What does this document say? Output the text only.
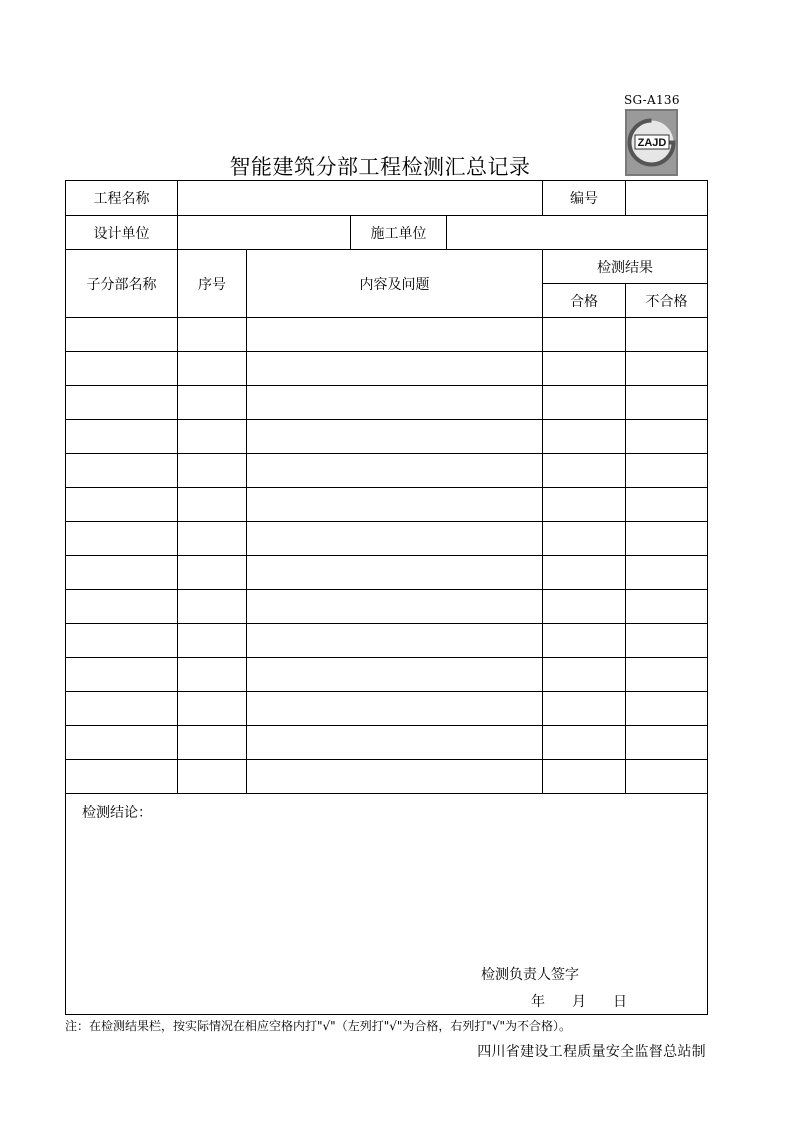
SG-A136
ZAJD
智能建筑分部工程检测汇总记录
工程名称					编号	
设计单位			施工单位			
子分部名称	序号	内容及问题			检测结果	
					合格	不合格

检测结论：
检测负责人签字
年 月 日						
注：在检测结果栏，按实际情况在相应空格内打"√"（左列打"√"为合格，右列打"√"为不合格）。
四川省建设工程质量安全监督总站制
